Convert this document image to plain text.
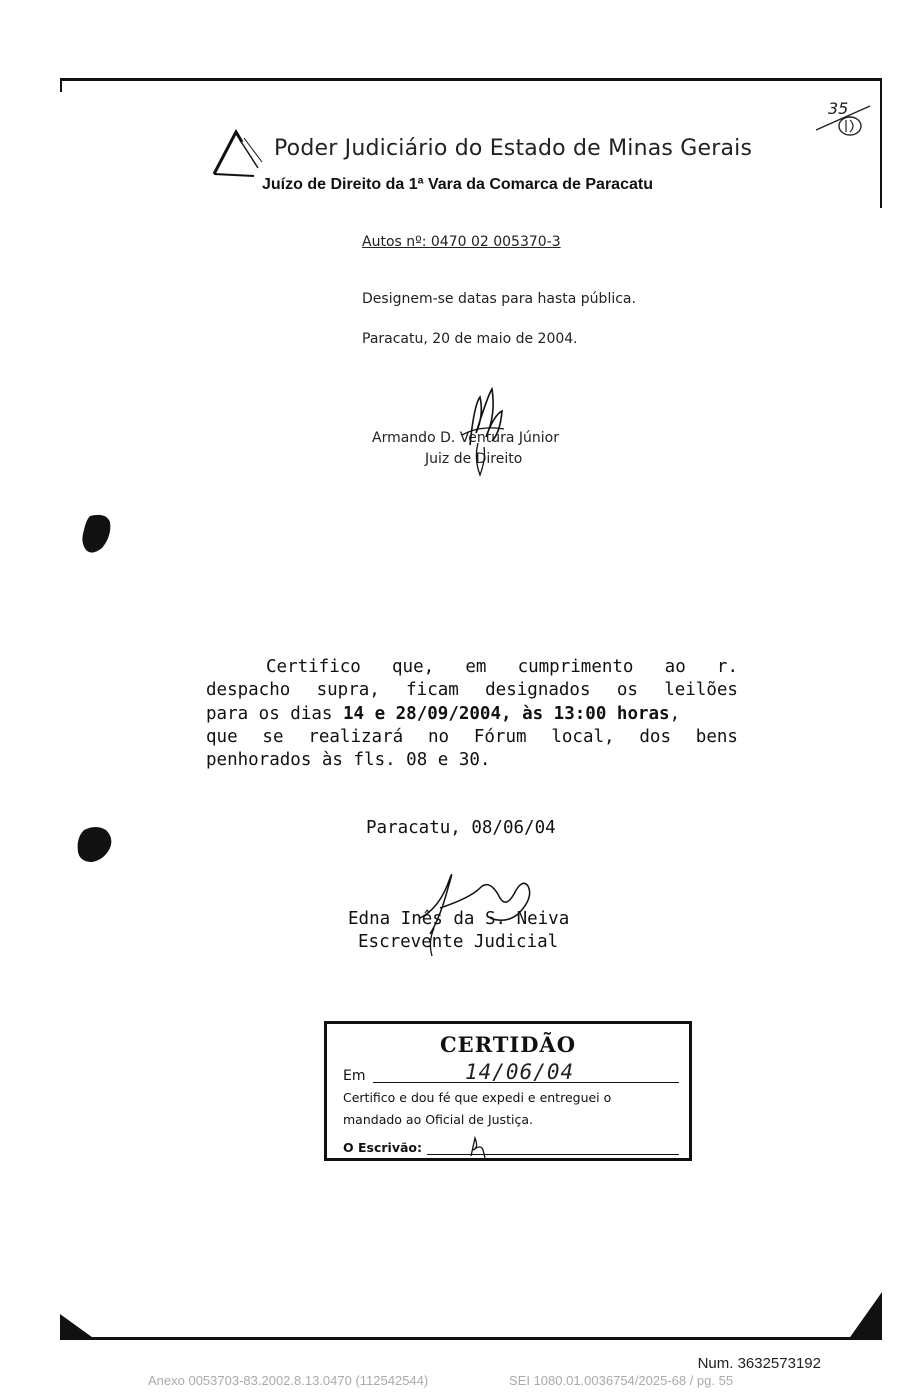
35
Poder Judiciário do Estado de Minas Gerais
Juízo de Direito da 1ª Vara da Comarca de Paracatu
Autos nº: 0470 02 005370-3
Designem-se datas para hasta pública.
Paracatu, 20 de maio de 2004.
Armando D. Ventura Júnior
Juiz de Direito
Certifico que, em cumprimento ao r.
despacho supra, ficam designados os leilões
para os dias 14 e 28/09/2004, às 13:00 horas ,
que se realizará no Fórum local, dos bens
penhorados às fls. 08 e 30.
Paracatu, 08/06/04
Edna Inês da S. Neiva
Escrevente Judicial
CERTIDÃO
Em	14/06/04
Certifico e dou fé que expedi e entreguei o
mandado ao Oficial de Justiça.
O Escrivão:
Num. 3632573192
Anexo 0053703-83.2002.8.13.0470 (112542544)	SEI 1080.01.0036754/2025-68 / pg. 55
